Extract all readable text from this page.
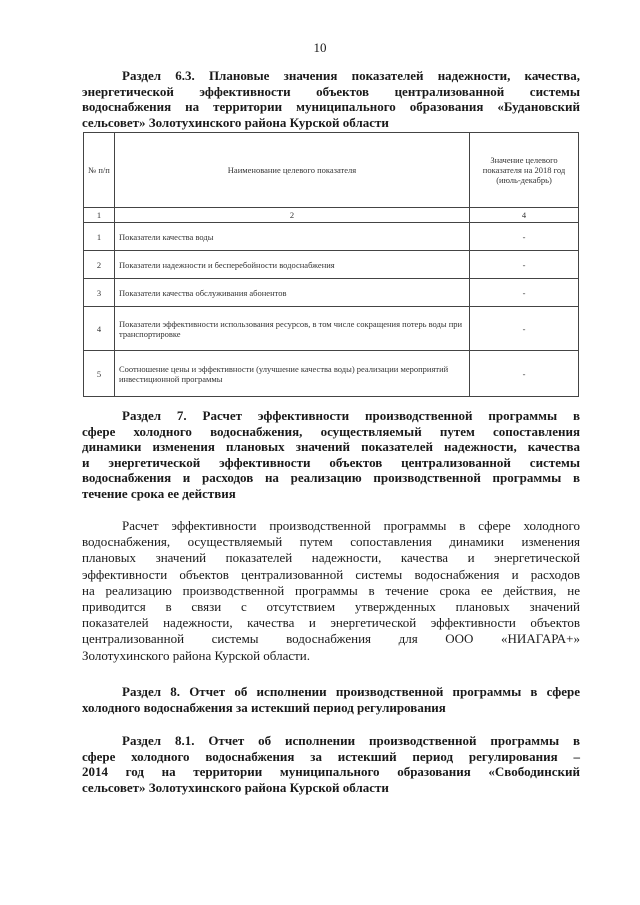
10
Раздел 6.3. Плановые значения показателей надежности, качества,
энергетической эффективности объектов централизованной системы
водоснабжения на территории муниципального образования «Будановский
сельсовет» Золотухинского района Курской области
№ п/п	Наименование целевого показателя	Значение целевого показателя на 2018 год (июль-декабрь)
1	2	4
1	Показатели качества воды	-
2	Показатели надежности и бесперебойности водоснабжения	-
3	Показатели качества обслуживания абонентов	-
4	Показатели эффективности использования ресурсов, в том числе сокращения потерь воды при транспортировке	-
5	Соотношение цены и эффективности (улучшение качества воды) реализации мероприятий инвестиционной программы	-
Раздел 7. Расчет эффективности производственной программы в
сфере холодного водоснабжения, осуществляемый путем сопоставления
динамики изменения плановых значений показателей надежности, качества
и энергетической эффективности объектов централизованной системы
водоснабжения и расходов на реализацию производственной программы в
течение срока ее действия
Расчет эффективности производственной программы в сфере холодного
водоснабжения, осуществляемый путем сопоставления динамики изменения
плановых значений показателей надежности, качества и энергетической
эффективности объектов централизованной системы водоснабжения и расходов
на реализацию производственной программы в течение срока ее действия, не
приводится в связи с отсутствием утвержденных плановых значений
показателей надежности, качества и энергетической эффективности объектов
централизованной системы водоснабжения для ООО «НИАГАРА+»
Золотухинского района Курской области.
Раздел 8. Отчет об исполнении производственной программы в сфере
холодного водоснабжения за истекший период регулирования
Раздел 8.1. Отчет об исполнении производственной программы в
сфере холодного водоснабжения за истекший период регулирования –
2014 год на территории муниципального образования «Свободинский
сельсовет» Золотухинского района Курской области
